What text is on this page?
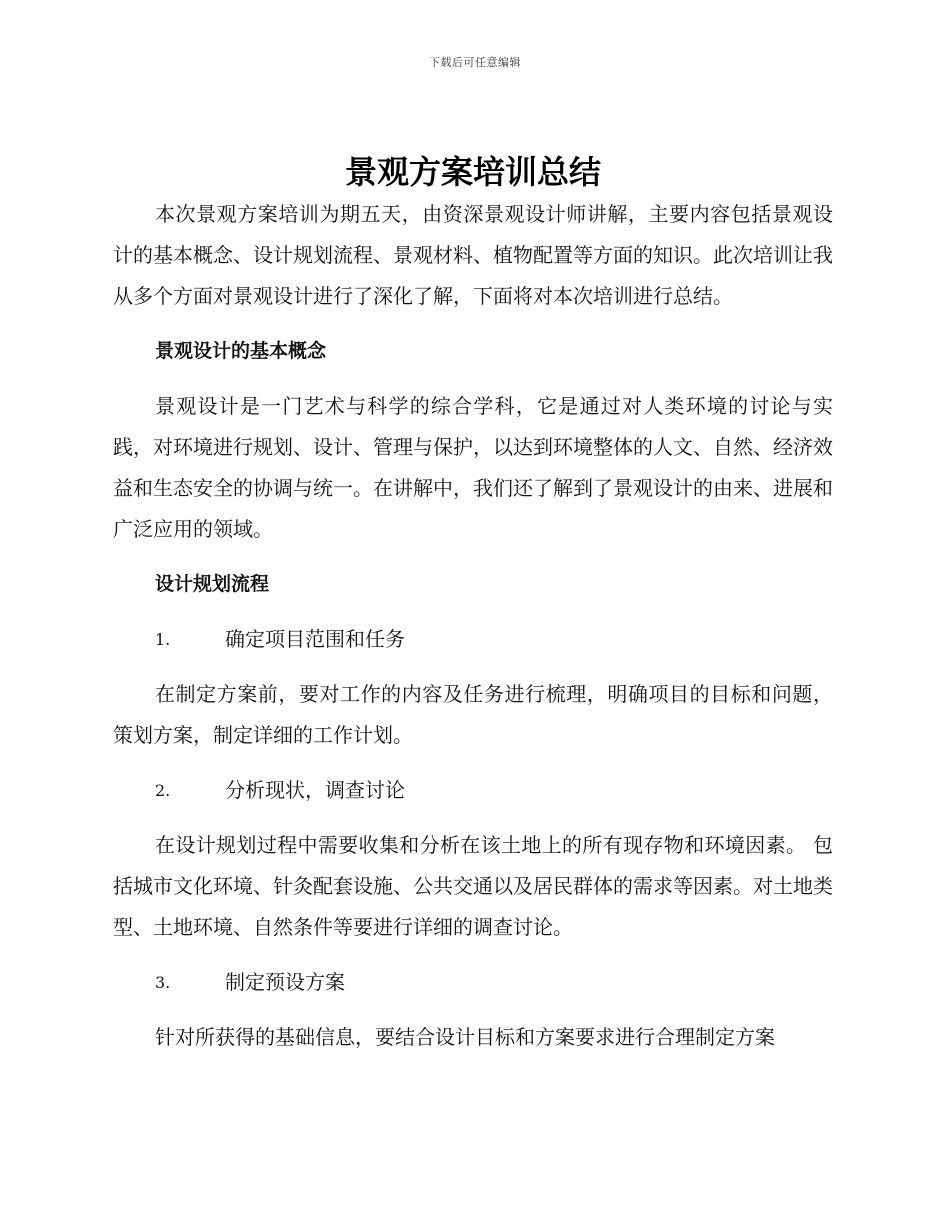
下载后可任意编辑
景观方案培训总结

本次景观方案培训为期五天，由资深景观设计师讲解，主要内容包括景观设计的基本概念、设计规划流程、景观材料、植物配置等方面的知识。此次培训让我从多个方面对景观设计进行了深化了解，下面将对本次培训进行总结。

景观设计的基本概念

景观设计是一门艺术与科学的综合学科，它是通过对人类环境的讨论与实践，对环境进行规划、设计、管理与保护，以达到环境整体的人文、自然、经济效益和生态安全的协调与统一。在讲解中，我们还了解到了景观设计的由来、进展和广泛应用的领域。

设计规划流程

1.	确定项目范围和任务

在制定方案前，要对工作的内容及任务进行梳理，明确项目的目标和问题，策划方案，制定详细的工作计划。

2.	分析现状，调查讨论

在设计规划过程中需要收集和分析在该土地上的所有现存物和环境因素。 包括城市文化环境、针灸配套设施、公共交通以及居民群体的需求等因素。对土地类型、土地环境、自然条件等要进行详细的调查讨论。

3.	制定预设方案

针对所获得的基础信息，要结合设计目标和方案要求进行合理制定方案
